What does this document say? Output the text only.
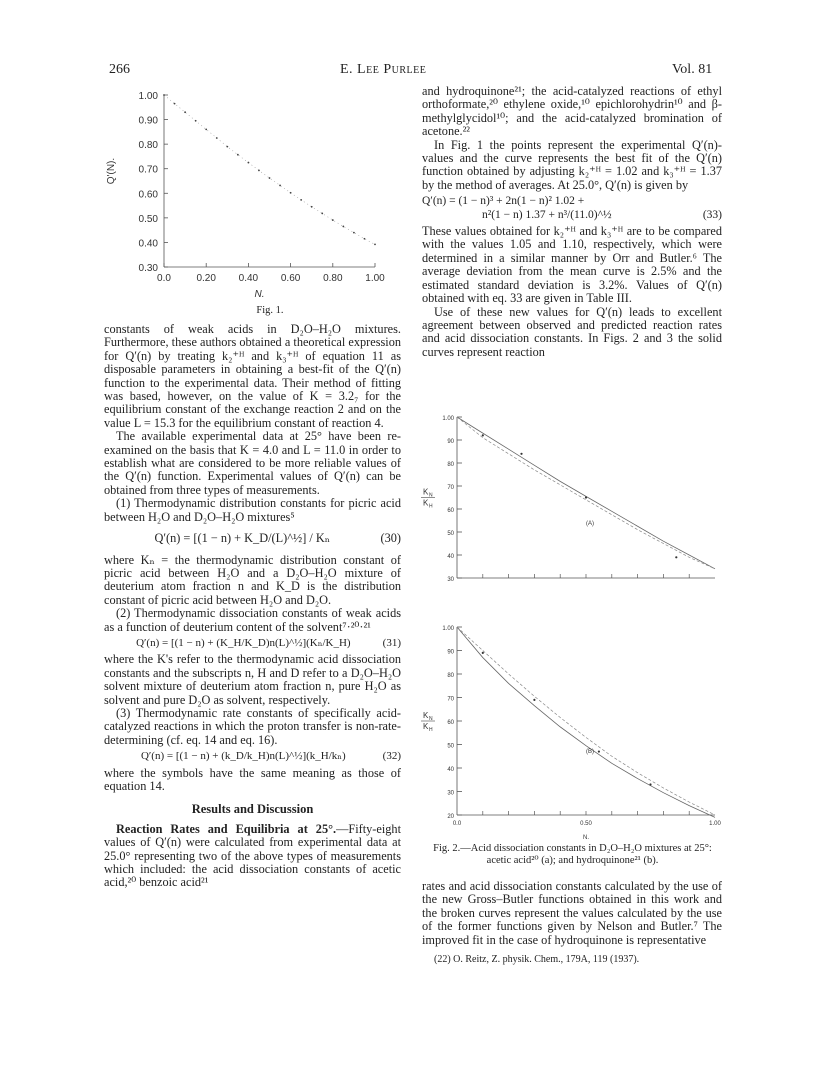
266	E. Lee Purlee	Vol. 81
1.00
0.90
0.80
0.70
0.60
0.50
0.40
0.30
0.0	0.20 0.40 0.60 0.80 1.00
N.
Q'(N).
Fig. 1.

constants of weak acids in D₂O–H₂O mixtures. Furthermore, these authors obtained a theoretical expression for Q′(n) by treating k₂⁺ᴴ and k₃⁺ᴴ of equation 11 as disposable parameters in obtaining a best-fit of the Q′(n) function to the experimental data. Their method of fitting was based, however, on the value of K = 3.2₇ for the equilibrium constant of the exchange reaction 2 and on the value L = 15.3 for the equilibrium constant of reaction 4.

The available experimental data at 25° have been re-examined on the basis that K = 4.0 and L = 11.0 in order to establish what are considered to be more reliable values of the Q′(n) function. Experimental values of Q′(n) can be obtained from three types of measurements.

(1) Thermodynamic distribution constants for picric acid between H₂O and D₂O–H₂O mixtures⁵

Q′(n) = [(1 − n) + K_D/(L)^½] / Kₙ	(30)

where Kₙ = the thermodynamic distribution constant of picric acid between H₂O and a D₂O–H₂O mixture of deuterium atom fraction n and K_D is the distribution constant of picric acid between H₂O and D₂O.

(2) Thermodynamic dissociation constants of weak acids as a function of deuterium content of the solvent⁷·²⁰·²¹

Q′(n) = [(1 − n) + (K_H/K_D)n(L)^½](Kₙ/K_H)	(31)

where the K's refer to the thermodynamic acid dissociation constants and the subscripts n, H and D refer to a D₂O–H₂O solvent mixture of deuterium atom fraction n, pure H₂O as solvent and pure D₂O as solvent, respectively.

(3) Thermodynamic rate constants of specifically acid-catalyzed reactions in which the proton transfer is non-rate-determining (cf. eq. 14 and eq. 16).

Q′(n) = [(1 − n) + (k_D/k_H)n(L)^½](k_H/kₙ)	(32)

where the symbols have the same meaning as those of equation 14.

Results and Discussion

Reaction Rates and Equilibria at 25°.—Fifty-eight values of Q′(n) were calculated from experimental data at 25.0° representing two of the above types of measurements which included: the acid dissociation constants of acetic acid,²⁰ benzoic acid²¹

and hydroquinone²¹; the acid-catalyzed reactions of ethyl orthoformate,²⁰ ethylene oxide,¹⁰ epichlorohydrin¹⁰ and β-methylglycidol¹⁰; and the acid-catalyzed bromination of acetone.²²

In Fig. 1 the points represent the experimental Q′(n)-values and the curve represents the best fit of the Q′(n) function obtained by adjusting k₂⁺ᴴ = 1.02 and k₃⁺ᴴ = 1.37 by the method of averages. At 25.0°, Q′(n) is given by

Q′(n) = (1 − n)³ + 2n(1 − n)² 1.02 +
n²(1 − n) 1.37 + n³/(11.0)^½	(33)

These values obtained for k₂⁺ᴴ and k₃⁺ᴴ are to be compared with the values 1.05 and 1.10, respectively, which were determined in a similar manner by Orr and Butler.⁶ The average deviation from the mean curve is 2.5% and the estimated standard deviation is 3.2%. Values of Q′(n) obtained with eq. 33 are given in Table III.

Use of these new values for Q′(n) leads to excellent agreement between observed and predicted reaction rates and acid dissociation constants. In Figs. 2 and 3 the solid curves represent reaction

1.00
90
80
70
60
50
40
30
(A)
K N
K H
1.00
90
80
70
60
50
40
30
20
(B)
K N
K H
0.0	0.50	1.00
N.
Fig. 2.—Acid dissociation constants in D₂O–H₂O mixtures at 25°: acetic acid²⁰ (a); and hydroquinone²¹ (b).

rates and acid dissociation constants calculated by the use of the new Gross–Butler functions obtained in this work and the broken curves represent the values calculated by the use of the former functions given by Nelson and Butler.⁷ The improved fit in the case of hydroquinone is representative

(22) O. Reitz, Z. physik. Chem., 179A, 119 (1937).
